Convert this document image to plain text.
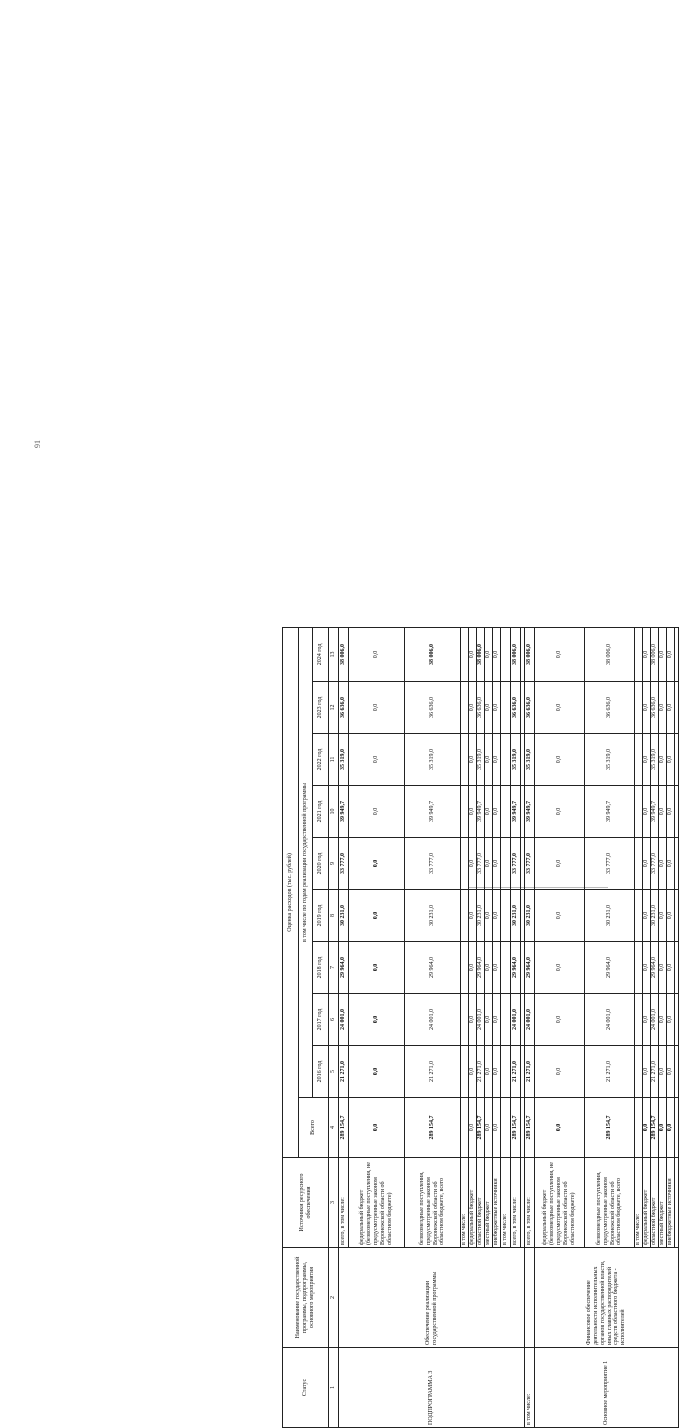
91
Статус	Наименование государственной программы, подпрограммы, основного мероприятия	Источники ресурсного обеспечения	Оценка расходов (тыс. рублей)									
			Всего	в том числе по годам реализации государственной программы								
				2016 год	2017 год	2018 год	2019 год	2020 год	2021 год	2022 год	2023 год	2024 год
1	2	3	4	5	6	7	8	9	10	11	12	13
ПОДПРОГРАММА 3	Обеспечение реализации государственной программы	всего, в том числе:	289 154,7	21 271,0	24 001,0	29 964,0	30 231,0	33 777,0	39 949,7	35 319,0	36 636,0	38 006,0
		федеральный бюджет (безвозмездные поступления, не предусмотренные законом Воронежской области об областном бюджете)	0,0	0,0	0,0	0,0	0,0	0,0	0,0	0,0	0,0	0,0
		безвозмездные поступления, предусмотренные законом Воронежской области об областном бюджете, всего	289 154,7	21 271,0	24 001,0	29 964,0	30 231,0	33 777,0	39 949,7	35 319,0	36 636,0	38 006,0
		в том числе:										
		федеральный бюджет	0,0	0,0	0,0	0,0	0,0	0,0	0,0	0,0	0,0	0,0
		областной бюджет	289 154,7	21 271,0	24 001,0	29 964,0	30 231,0	33 777,0	39 949,7	35 319,0	36 636,0	38 006,0
		местный бюджет	0,0	0,0	0,0	0,0	0,0	0,0	0,0	0,0	0,0	0,0
		внебюджетные источники	0,0	0,0	0,0	0,0	0,0	0,0	0,0	0,0	0,0	0,0
		в том числе:										
		всего, в том числе:	289 154,7	21 271,0	24 001,0	29 964,0	30 231,0	33 777,0	39 949,7	35 319,0	36 636,0	38 006,0

в том числе:		всего, в том числе:	289 154,7	21 271,0	24 001,0	29 964,0	30 231,0	33 777,0	39 949,7	35 319,0	36 636,0	38 006,0
Основное мероприятие 1	Финансовое обеспечение деятельности исполнительных органов государственной власти, иных главных распорядителей средств областного бюджета - исполнителей	федеральный бюджет (безвозмездные поступления, не предусмотренные законом Воронежской области об областном бюджете)	0,0	0,0	0,0	0,0	0,0	0,0	0,0	0,0	0,0	0,0
		безвозмездные поступления, предусмотренные законом Воронежской области об областном бюджете, всего	289 154,7	21 271,0	24 001,0	29 964,0	30 231,0	33 777,0	39 949,7	35 319,0	36 636,0	38 006,0
		в том числе:										
		федеральный бюджет	0,0	0,0	0,0	0,0	0,0	0,0	0,0	0,0	0,0	0,0
		областной бюджет	289 154,7	21 271,0	24 001,0	29 964,0	30 231,0	33 777,0	39 949,7	35 319,0	36 636,0	38 006,0
		местный бюджет	0,0	0,0	0,0	0,0	0,0	0,0	0,0	0,0	0,0	0,0
		внебюджетные источники	0,0	0,0	0,0	0,0	0,0	0,0	0,0	0,0	0,0	0,0
